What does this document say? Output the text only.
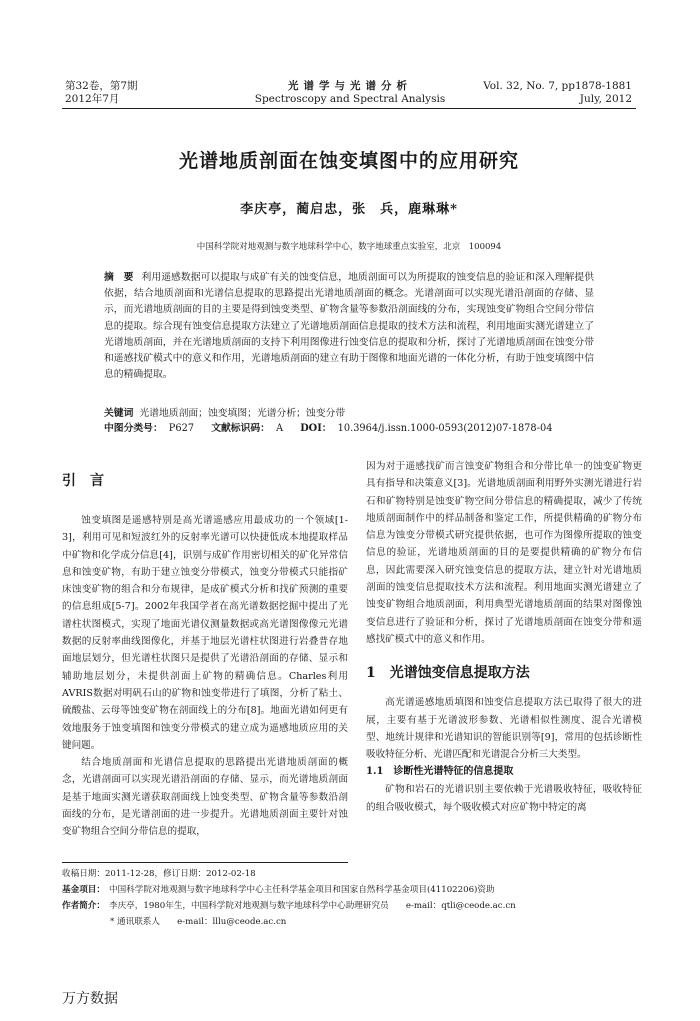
第32卷，第7期
2012年7月
光谱学与光谱分析
Spectroscopy and Spectral Analysis
Vol. 32, No. 7, pp1878-1881
July, 2012
光谱地质剖面在蚀变填图中的应用研究
李庆亭，蔺启忠，张　兵，鹿琳琳*
中国科学院对地观测与数字地球科学中心，数字地球重点实验室，北京　100094
摘　要 利用遥感数据可以提取与成矿有关的蚀变信息，地质剖面可以为所提取的蚀变信息的验证和深入理解提供依据，结合地质剖面和光谱信息提取的思路提出光谱地质剖面的概念。光谱剖面可以实现光谱沿剖面的存储、显示，而光谱地质剖面的目的主要是得到蚀变类型、矿物含量等参数沿剖面线的分布，实现蚀变矿物组合空间分带信息的提取。综合现有蚀变信息提取方法建立了光谱地质剖面信息提取的技术方法和流程，利用地面实测光谱建立了光谱地质剖面，并在光谱地质剖面的支持下利用图像进行蚀变信息的提取和分析，探讨了光谱地质剖面在蚀变分带和遥感找矿模式中的意义和作用，光谱地质剖面的建立有助于图像和地面光谱的一体化分析，有助于蚀变填图中信息的精确提取。
关键词 光谱地质剖面；蚀变填图；光谱分析；蚀变分带
中图分类号： P627 文献标识码： A DOI： 10.3964/j.issn.1000-0593(2012)07-1878-04

引　言

蚀变填图是遥感特别是高光谱遥感应用最成功的一个领域[1-3]，利用可见和短波红外的反射率光谱可以快捷低成本地提取样品中矿物和化学成分信息[4]，识别与成矿作用密切相关的矿化异常信息和蚀变矿物，有助于建立蚀变分带模式，蚀变分带模式只能指矿床蚀变矿物的组合和分布规律，是成矿模式分析和找矿预测的重要的信息组成[5-7]。2002年我国学者在高光谱数据挖掘中提出了光谱柱状图模式，实现了地面光谱仪测量数据或高光谱图像像元光谱数据的反射率曲线图像化，并基于地层光谱柱状图进行岩叠普存地面地层划分，但光谱柱状图只是提供了光谱沿剖面的存储、显示和辅助地层划分，未提供剖面上矿物的精确信息。Charles利用AVRIS数据对明矾石山的矿物和蚀变带进行了填图，分析了粘土、硫酸盐、云母等蚀变矿物在剖面线上的分布[8]。地面光谱如何更有效地服务于蚀变填图和蚀变分带模式的建立成为遥感地质应用的关键问题。

结合地质剖面和光谱信息提取的思路提出光谱地质剖面的概念，光谱剖面可以实现光谱沿剖面的存储、显示，而光谱地质剖面是基于地面实测光谱获取剖面线上蚀变类型、矿物含量等参数沿剖面线的分布，是光谱剖面的进一步提升。光谱地质剖面主要针对蚀变矿物组合空间分带信息的提取，

因为对于遥感找矿而言蚀变矿物组合和分带比单一的蚀变矿物更具有指导和决策意义[3]。光谱地质剖面利用野外实测光谱进行岩石和矿物特别是蚀变矿物空间分带信息的精确提取，减少了传统地质剖面制作中的样品制备和鉴定工作，所提供精确的矿物分布信息为蚀变分带模式研究提供依据，也可作为图像所提取的蚀变信息的验证，光谱地质剖面的目的是要提供精确的矿物分布信息，因此需要深入研究蚀变信息的提取方法，建立针对光谱地质剖面的蚀变信息提取技术方法和流程。利用地面实测光谱建立了蚀变矿物组合地质剖面，利用典型光谱地质剖面的结果对图像蚀变信息进行了验证和分析，探讨了光谱地质剖面在蚀变分带和遥感找矿模式中的意义和作用。

1　光谱蚀变信息提取方法

高光谱遥感地质填图和蚀变信息提取方法已取得了很大的进展，主要有基于光谱波形参数、光谱相似性测度、混合光谱模型、地统计规律和光谱知识的智能识别等[9]，常用的包括诊断性吸收特征分析、光谱匹配和光谱混合分析三大类型。

1.1　诊断性光谱特征的信息提取

矿物和岩石的光谱识别主要依赖于光谱吸收特征，吸收特征的组合吸收模式，每个吸收模式对应矿物中特定的离

收稿日期：2011-12-28，修订日期：2012-02-18
基金项目： 中国科学院对地观测与数字地球科学中心主任科学基金项目和国家自然科学基金项目(41102206)资助
作者简介： 李庆亭，1980年生，中国科学院对地观测与数字地球科学中心助理研究员　　e-mail：qtli@ceode.ac.cn
* 通讯联系人　　e-mail：lllu@ceode.ac.cn
万方数据
